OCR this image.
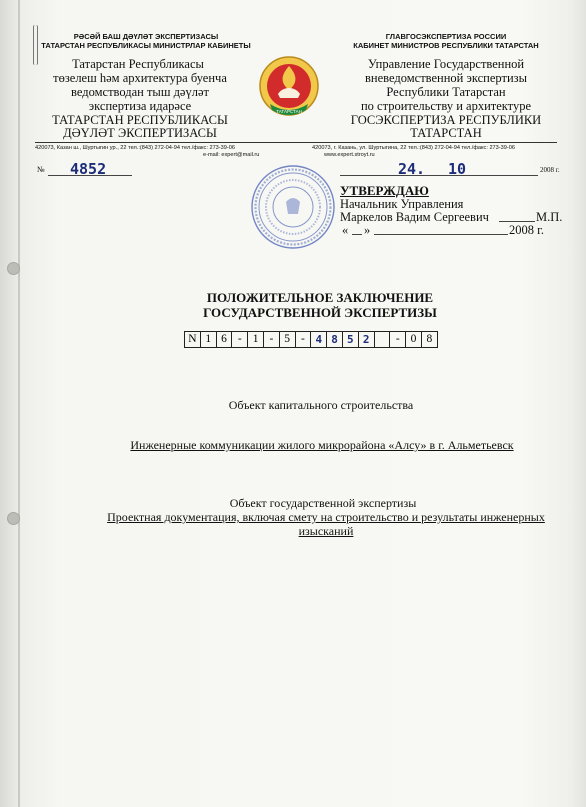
РӘСӘЙ БАШ ДӘҮЛӘТ ЭКСПЕРТИЗАСЫ
ТАТАРСТАН РЕСПУБЛИКАСЫ МИНИСТРЛАР КАБИНЕТЫ
Татарстан Республикасы
төзелеш һәм архитектура буенча
ведомстводан тыш дәүләт
экспертиза идарәсе
ТАТАРСТАН РЕСПУБЛИКАСЫ
ДӘҮЛӘТ ЭКСПЕРТИЗАСЫ
ТАТАРСТАН
ГЛАВГОСЭКСПЕРТИЗА РОССИИ
КАБИНЕТ МИНИСТРОВ РЕСПУБЛИКИ ТАТАРСТАН
Управление Государственной
вневедомственной экспертизы
Республики Татарстан
по строительству и архитектуре
ГОСЭКСПЕРТИЗА РЕСПУБЛИКИ
ТАТАРСТАН
420073, Казан ш., Шуртыгин ур., 22 тел.:(843) 272-04-94 тел./факс: 273-39-06	420073, г. Казань, ул. Шуртыгина, 22 тел.:(843) 272-04-94 тел./факс: 273-39-06
e-mail: expert@mail.ru	www.expert.stroyt.ru
№ 4852	24. 10	2008 г.
УТВЕРЖДАЮ
Начальник Управления
Маркелов Вадим Сергеевич	М.П.
« »	2008 г.
ПОЛОЖИТЕЛЬНОЕ ЗАКЛЮЧЕНИЕ
ГОСУДАРСТВЕННОЙ ЭКСПЕРТИЗЫ
N 1 6 - 1 - 5 - 4 8 5 2	- 0 8
Объект капитального строительства
Инженерные коммуникации жилого микрорайона «Алсу» в г. Альметьевск
Объект государственной экспертизы
Проектная документация, включая смету на строительство и результаты инженерных
изысканий
